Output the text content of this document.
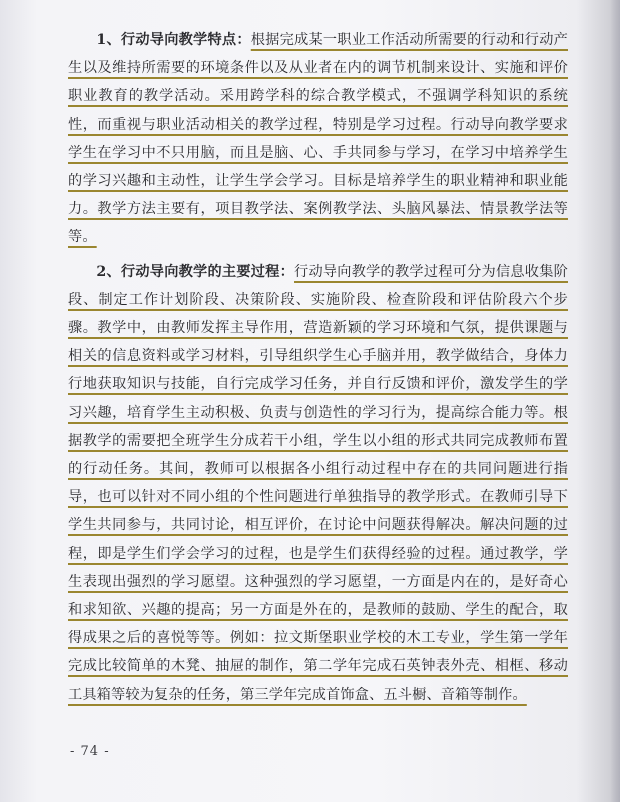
1、行动导向教学特点：根据完成某一职业工作活动所需要的行动和行动产生以及维持所需要的环境条件以及从业者在内的调节机制来设计、实施和评价职业教育的教学活动。采用跨学科的综合教学模式，不强调学科知识的系统性，而重视与职业活动相关的教学过程，特别是学习过程。行动导向教学要求学生在学习中不只用脑，而且是脑、心、手共同参与学习，在学习中培养学生的学习兴趣和主动性，让学生学会学习。目标是培养学生的职业精神和职业能力。教学方法主要有，项目教学法、案例教学法、头脑风暴法、情景教学法等等。

2、行动导向教学的主要过程：行动导向教学的教学过程可分为信息收集阶段、制定工作计划阶段、决策阶段、实施阶段、检查阶段和评估阶段六个步骤。教学中，由教师发挥主导作用，营造新颖的学习环境和气氛，提供课题与相关的信息资料或学习材料，引导组织学生心手脑并用，教学做结合，身体力行地获取知识与技能，自行完成学习任务，并自行反馈和评价，激发学生的学习兴趣，培育学生主动积极、负责与创造性的学习行为，提高综合能力等。根据教学的需要把全班学生分成若干小组，学生以小组的形式共同完成教师布置的行动任务。其间，教师可以根据各小组行动过程中存在的共同问题进行指导，也可以针对不同小组的个性问题进行单独指导的教学形式。在教师引导下学生共同参与，共同讨论，相互评价，在讨论中问题获得解决。解决问题的过程，即是学生们学会学习的过程，也是学生们获得经验的过程。通过教学，学生表现出强烈的学习愿望。这种强烈的学习愿望，一方面是内在的，是好奇心和求知欲、兴趣的提高；另一方面是外在的，是教师的鼓励、学生的配合，取得成果之后的喜悦等等。例如：拉文斯堡职业学校的木工专业，学生第一学年完成比较简单的木凳、抽屉的制作，第二学年完成石英钟表外壳、相框、移动工具箱等较为复杂的任务，第三学年完成首饰盒、五斗橱、音箱等制作。

- 74 -
